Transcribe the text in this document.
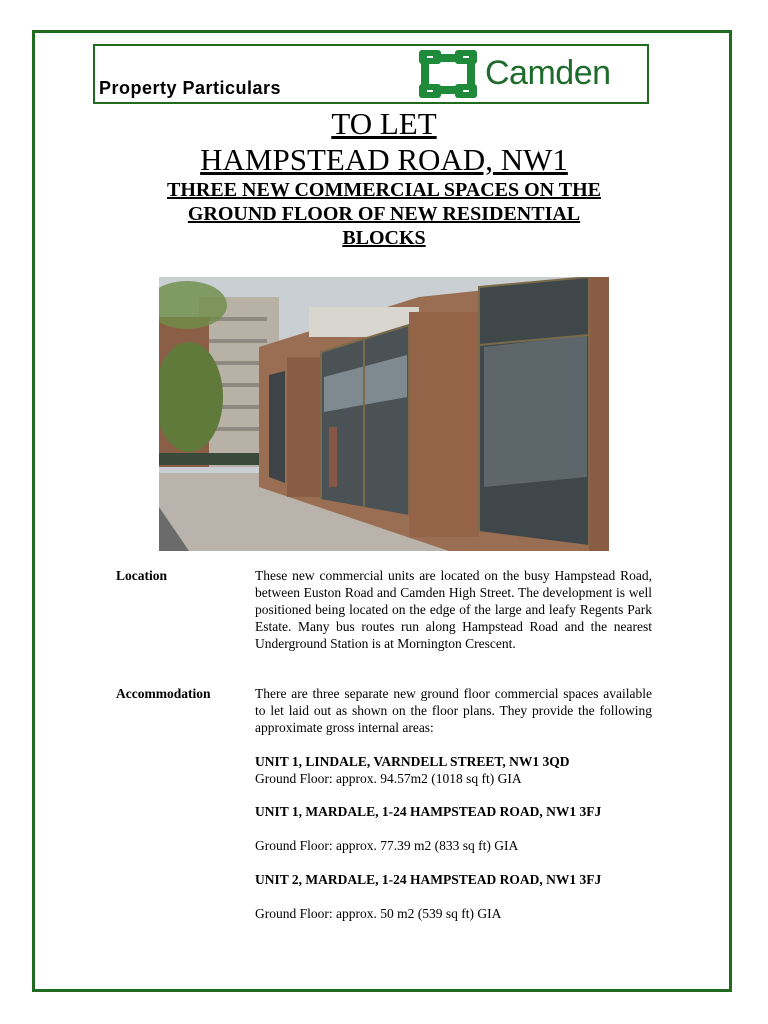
Property Particulars	Camden
TO LET
HAMPSTEAD ROAD, NW1
THREE NEW COMMERCIAL SPACES ON THE
GROUND FLOOR OF NEW RESIDENTIAL
BLOCKS
Location	These new commercial units are located on the busy Hampstead Road, between Euston Road and Camden High Street. The development is well positioned being located on the edge of the large and leafy Regents Park Estate. Many bus routes run along Hampstead Road and the nearest Underground Station is at Mornington Crescent.
Accommodation	There are three separate new ground floor commercial spaces available to let laid out as shown on the floor plans. They provide the following approximate gross internal areas:
UNIT 1, LINDALE, VARNDELL STREET, NW1 3QD
Ground Floor: approx. 94.57m2 (1018 sq ft) GIA
UNIT 1, MARDALE, 1-24 HAMPSTEAD ROAD, NW1 3FJ
Ground Floor: approx. 77.39 m2 (833 sq ft) GIA
UNIT 2, MARDALE, 1-24 HAMPSTEAD ROAD, NW1 3FJ
Ground Floor: approx. 50 m2 (539 sq ft) GIA
